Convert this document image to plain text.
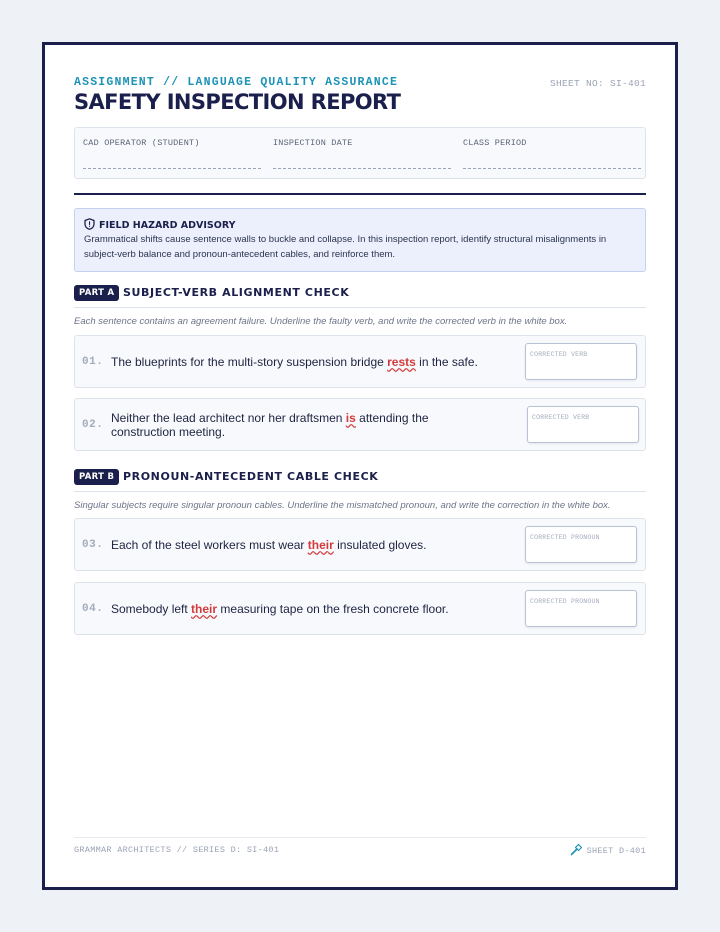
ASSIGNMENT // LANGUAGE QUALITY ASSURANCE	SHEET NO: SI-401
SAFETY INSPECTION REPORT
CAD OPERATOR (STUDENT)	INSPECTION DATE	CLASS PERIOD
FIELD HAZARD ADVISORY
Grammatical shifts cause sentence walls to buckle and collapse. In this inspection report, identify structural misalignments in subject-verb balance and pronoun-antecedent cables, and reinforce them.
PART A SUBJECT-VERB ALIGNMENT CHECK
Each sentence contains an agreement failure. Underline the faulty verb, and write the corrected verb in the white box.
01. The blueprints for the multi-story suspension bridge rests in the safe.	CORRECTED VERB
02. Neither the lead architect nor her draftsmen is attending the construction meeting.
CORRECTED VERB
PART B PRONOUN-ANTECEDENT CABLE CHECK
Singular subjects require singular pronoun cables. Underline the mismatched pronoun, and write the correction in the white box.
03. Each of the steel workers must wear their insulated gloves.	CORRECTED PRONOUN
04. Somebody left their measuring tape on the fresh concrete floor.	CORRECTED PRONOUN
GRAMMAR ARCHITECTS // SERIES D: SI-401	SHEET D-401
